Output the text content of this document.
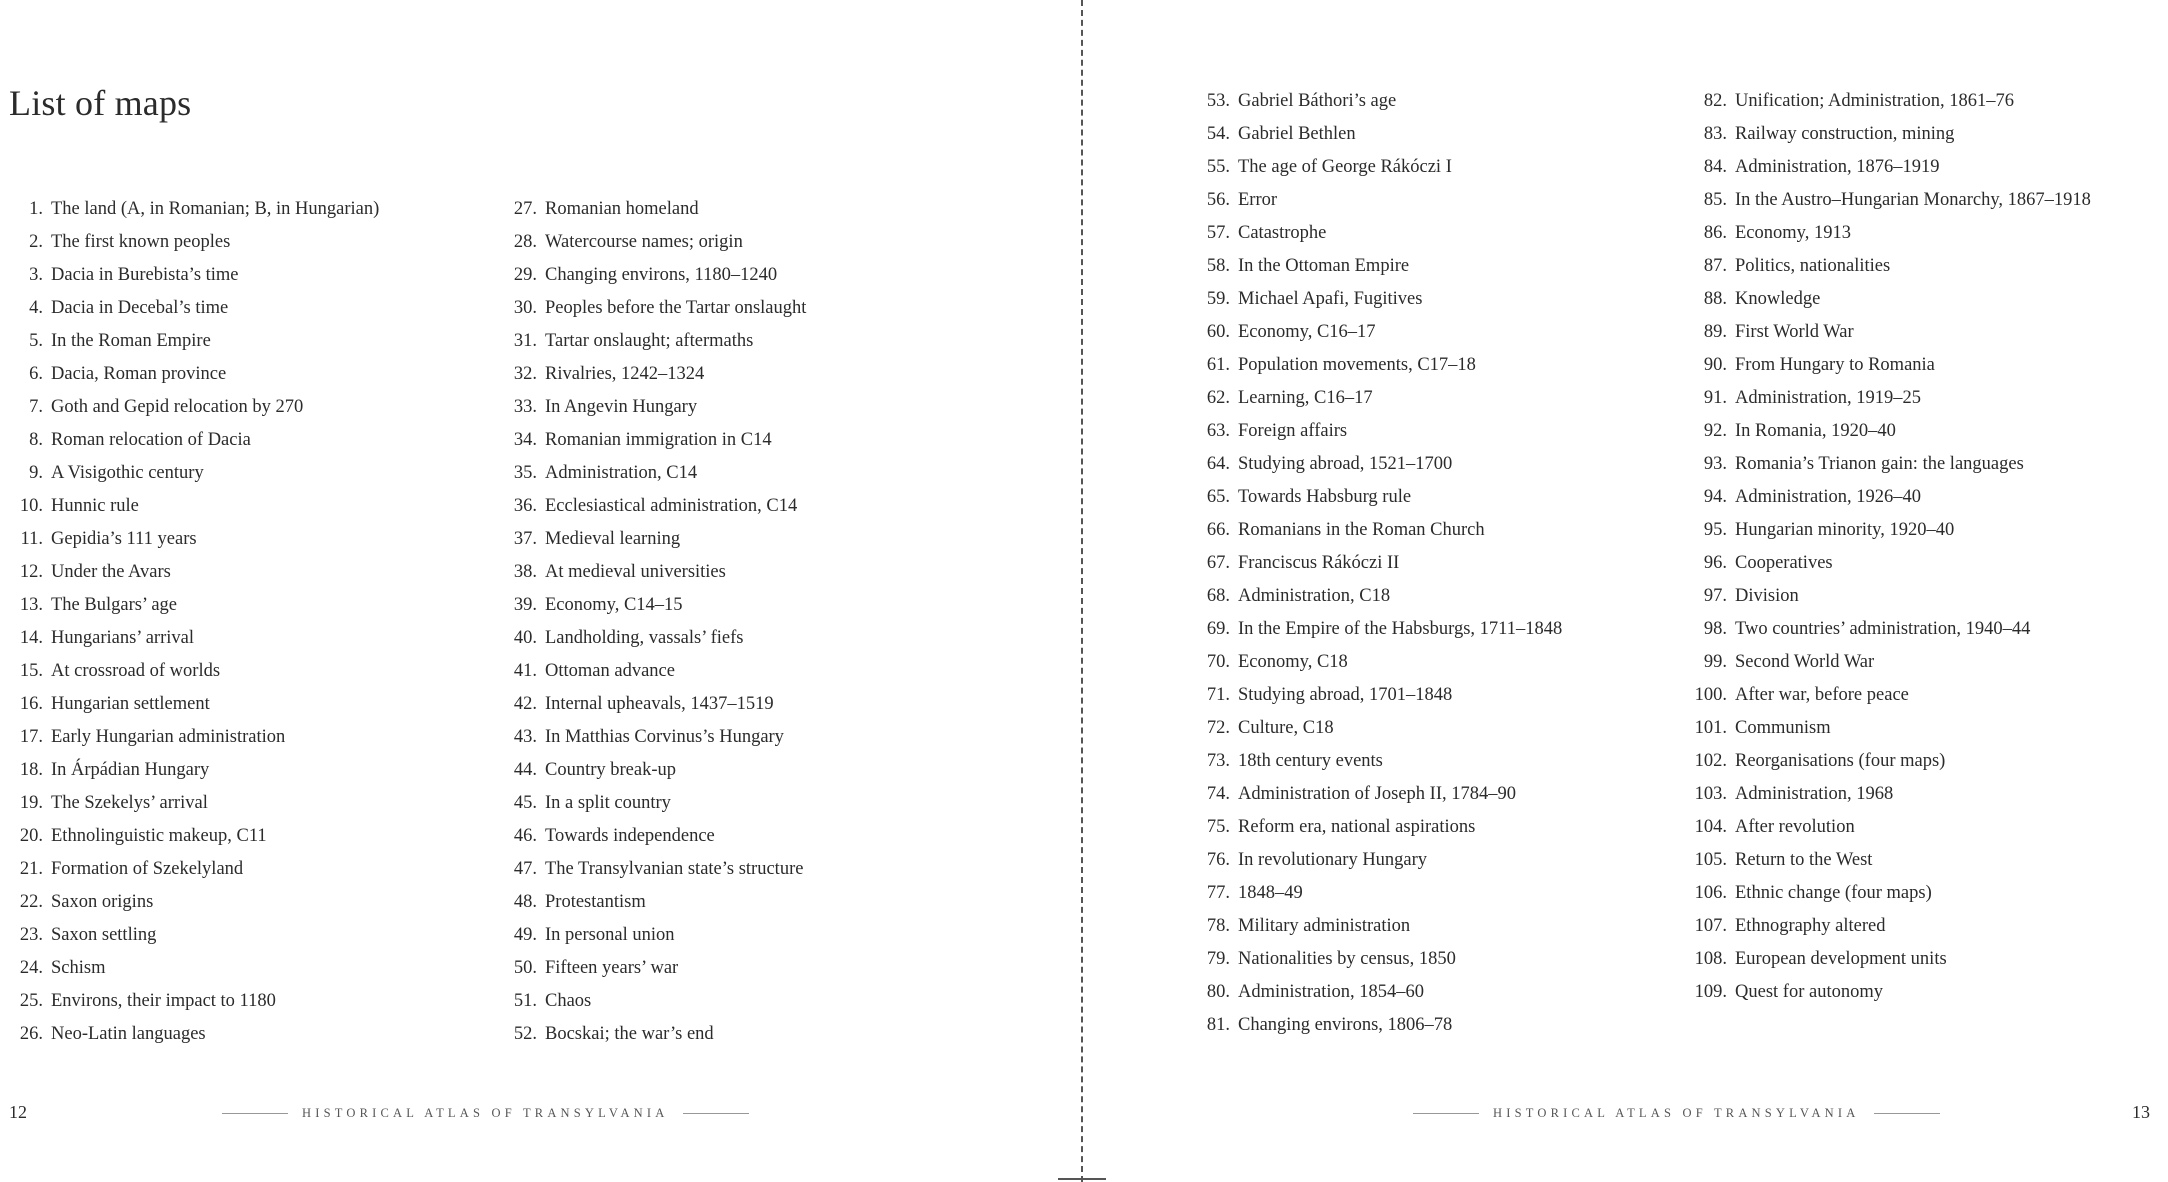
List of maps
1. The land (A, in Romanian; B, in Hungarian)
2. The first known peoples
3. Dacia in Burebista’s time
4. Dacia in Decebal’s time
5. In the Roman Empire
6. Dacia, Roman province
7. Goth and Gepid relocation by 270
8. Roman relocation of Dacia
9. A Visigothic century
10. Hunnic rule
11. Gepidia’s 111 years
12. Under the Avars
13. The Bulgars’ age
14. Hungarians’ arrival
15. At crossroad of worlds
16. Hungarian settlement
17. Early Hungarian administration
18. In Árpádian Hungary
19. The Szekelys’ arrival
20. Ethnolinguistic makeup, C11
21. Formation of Szekelyland
22. Saxon origins
23. Saxon settling
24. Schism
25. Environs, their impact to 1180
26. Neo-Latin languages
27. Romanian homeland
28. Watercourse names; origin
29. Changing environs, 1180–1240
30. Peoples before the Tartar onslaught
31. Tartar onslaught; aftermaths
32. Rivalries, 1242–1324
33. In Angevin Hungary
34. Romanian immigration in C14
35. Administration, C14
36. Ecclesiastical administration, C14
37. Medieval learning
38. At medieval universities
39. Economy, C14–15
40. Landholding, vassals’ fiefs
41. Ottoman advance
42. Internal upheavals, 1437–1519
43. In Matthias Corvinus’s Hungary
44. Country break-up
45. In a split country
46. Towards independence
47. The Transylvanian state’s structure
48. Protestantism
49. In personal union
50. Fifteen years’ war
51. Chaos
52. Bocskai; the war’s end
12	HISTORICAL ATLAS OF TRANSYLVANIA
53. Gabriel Báthori’s age
54. Gabriel Bethlen
55. The age of George Rákóczi I
56. Error
57. Catastrophe
58. In the Ottoman Empire
59. Michael Apafi, Fugitives
60. Economy, C16–17
61. Population movements, C17–18
62. Learning, C16–17
63. Foreign affairs
64. Studying abroad, 1521–1700
65. Towards Habsburg rule
66. Romanians in the Roman Church
67. Franciscus Rákóczi II
68. Administration, C18
69. In the Empire of the Habsburgs, 1711–1848
70. Economy, C18
71. Studying abroad, 1701–1848
72. Culture, C18
73. 18th century events
74. Administration of Joseph II, 1784–90
75. Reform era, national aspirations
76. In revolutionary Hungary
77. 1848–49
78. Military administration
79. Nationalities by census, 1850
80. Administration, 1854–60
81. Changing environs, 1806–78
82. Unification; Administration, 1861–76
83. Railway construction, mining
84. Administration, 1876–1919
85. In the Austro–Hungarian Monarchy, 1867–1918
86. Economy, 1913
87. Politics, nationalities
88. Knowledge
89. First World War
90. From Hungary to Romania
91. Administration, 1919–25
92. In Romania, 1920–40
93. Romania’s Trianon gain: the languages
94. Administration, 1926–40
95. Hungarian minority, 1920–40
96. Cooperatives
97. Division
98. Two countries’ administration, 1940–44
99. Second World War
100. After war, before peace
101. Communism
102. Reorganisations (four maps)
103. Administration, 1968
104. After revolution
105. Return to the West
106. Ethnic change (four maps)
107. Ethnography altered
108. European development units
109. Quest for autonomy
HISTORICAL ATLAS OF TRANSYLVANIA	13
